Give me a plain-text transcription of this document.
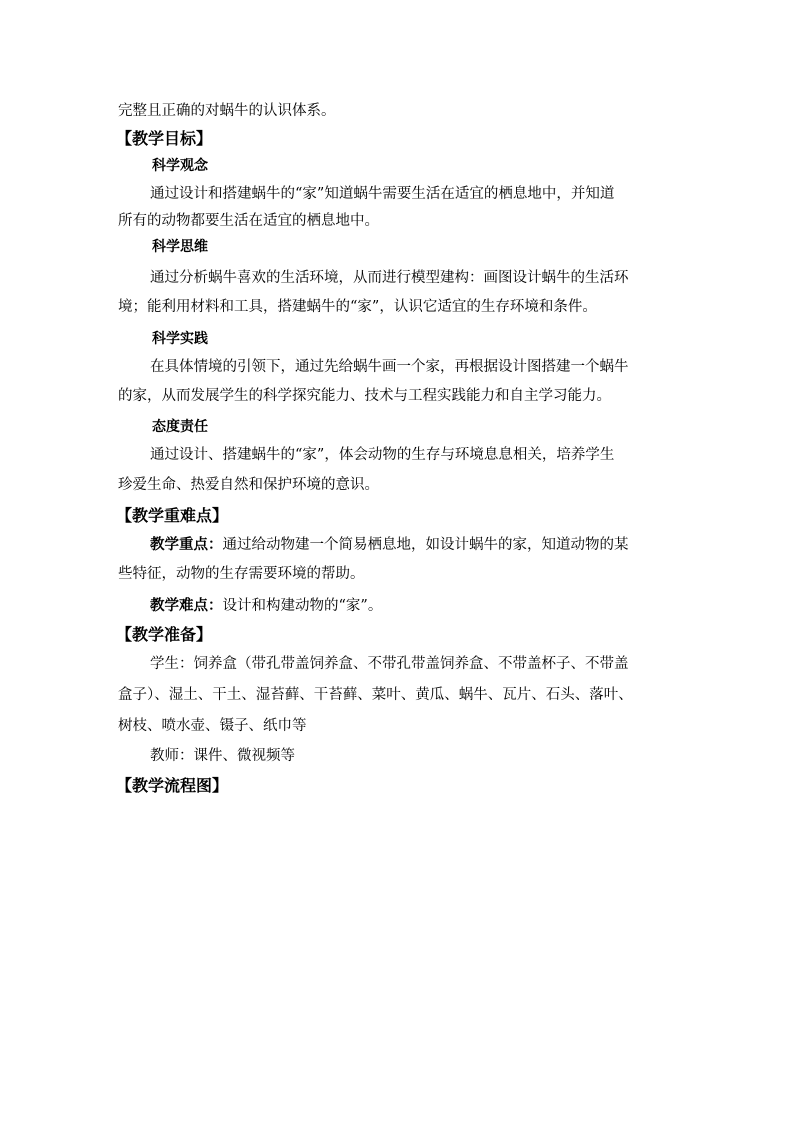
完整且正确的对蜗牛的认识体系。
【教学目标】
科学观念
通过设计和搭建蜗牛的“家”知道蜗牛需要生活在适宜的栖息地中，并知道
所有的动物都要生活在适宜的栖息地中。
科学思维
通过分析蜗牛喜欢的生活环境，从而进行模型建构：画图设计蜗牛的生活环
境；能利用材料和工具，搭建蜗牛的“家”，认识它适宜的生存环境和条件。
科学实践
在具体情境的引领下，通过先给蜗牛画一个家，再根据设计图搭建一个蜗牛
的家，从而发展学生的科学探究能力、技术与工程实践能力和自主学习能力。
态度责任
通过设计、搭建蜗牛的“家”，体会动物的生存与环境息息相关，培养学生
珍爱生命、热爱自然和保护环境的意识。
【教学重难点】
教学重点：通过给动物建一个简易栖息地，如设计蜗牛的家，知道动物的某
些特征，动物的生存需要环境的帮助。
教学难点：设计和构建动物的“家”。
【教学准备】
学生：饲养盒（带孔带盖饲养盒、不带孔带盖饲养盒、不带盖杯子、不带盖
盒子）、湿土、干土、湿苔藓、干苔藓、菜叶、黄瓜、蜗牛、瓦片、石头、落叶、
树枝、喷水壶、镊子、纸巾等
教师：课件、微视频等
【教学流程图】
